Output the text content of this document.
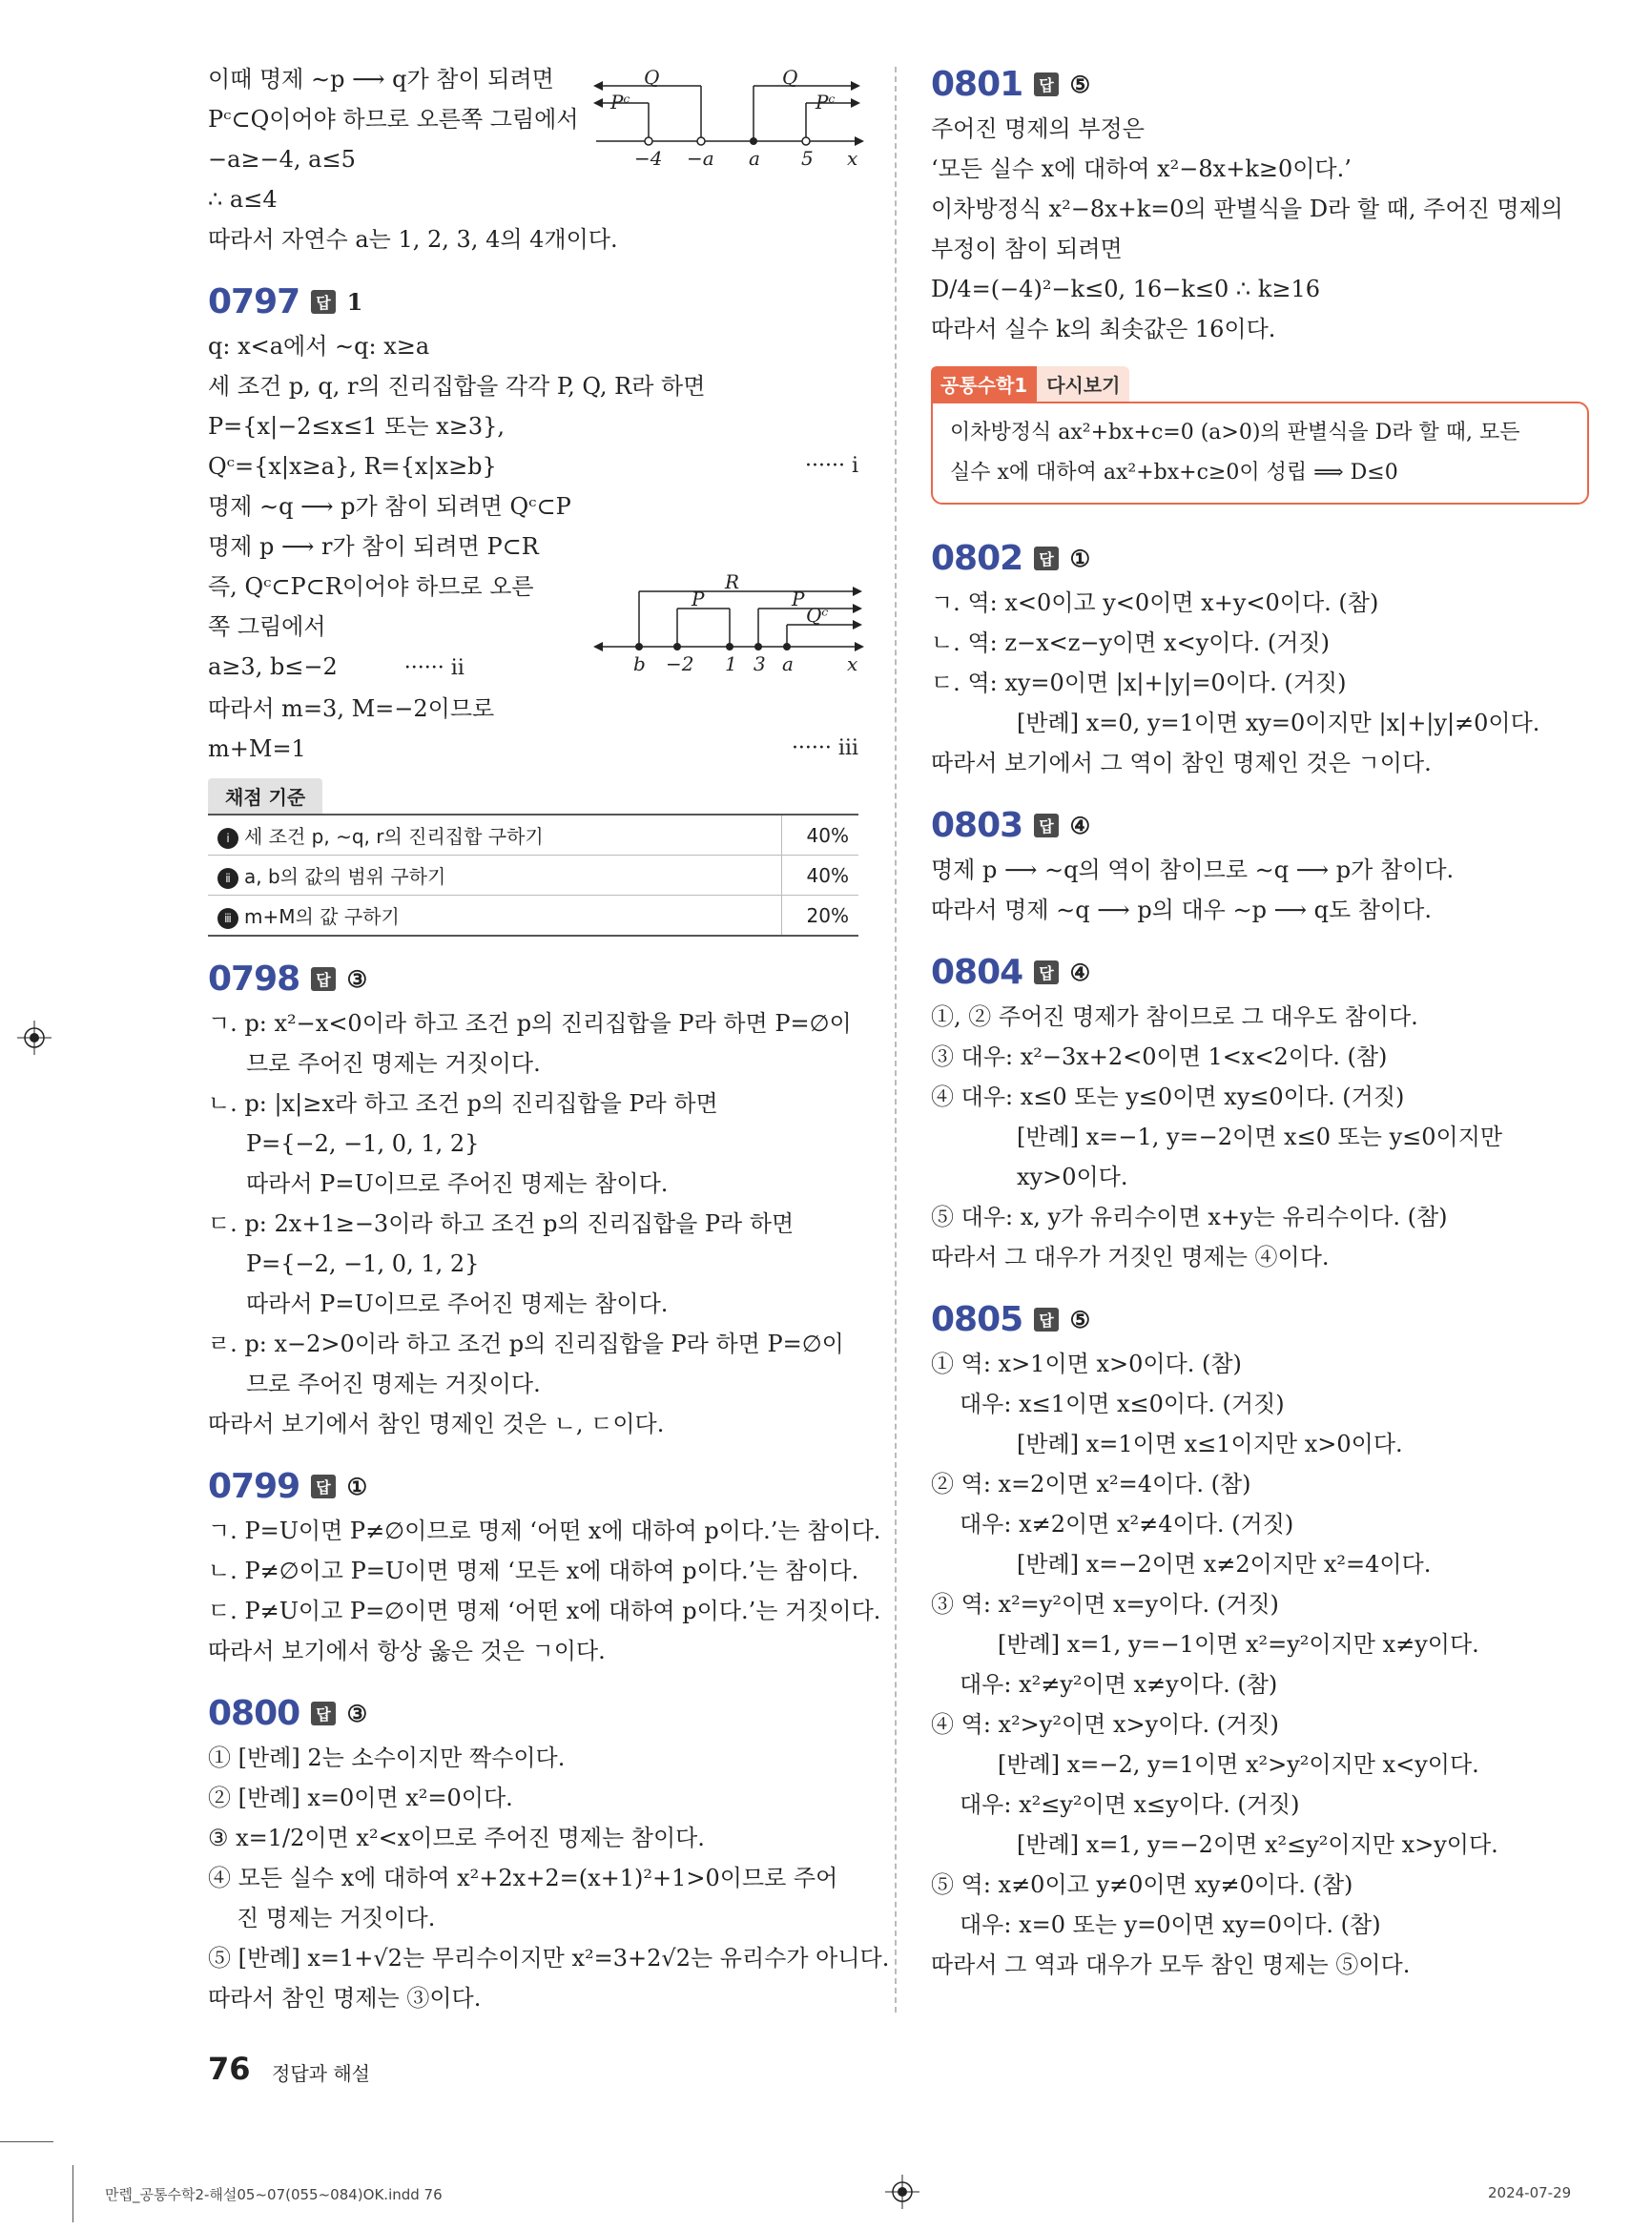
이때 명제 ∼p ⟶ q가 참이 되려면
Pᶜ⊂Q이어야 하므로 오른쪽 그림에서
−a≥−4, a≤5
∴ a≤4
따라서 자연수 a는 1, 2, 3, 4의 4개이다.
0797	답 1
q: x<a에서 ∼q: x≥a
세 조건 p, q, r의 진리집합을 각각 P, Q, R라 하면
P={x|−2≤x≤1 또는 x≥3},
Qᶜ={x|x≥a}, R={x|x≥b}	······ ⅰ
명제 ∼q ⟶ p가 참이 되려면 Qᶜ⊂P
명제 p ⟶ r가 참이 되려면 P⊂R
즉, Qᶜ⊂P⊂R이어야 하므로 오른
쪽 그림에서
a≥3, b≤−2	······ ⅱ
따라서 m=3, M=−2이므로
m+M=1	······ ⅲ
채점 기준
ⅰ 세 조건 p, ∼q, r의 진리집합 구하기	40%
ⅱ a, b의 값의 범위 구하기	40%
ⅲ m+M의 값 구하기	20%
0798	답 ③
ㄱ. p: x²−x<0이라 하고 조건 p의 진리집합을 P라 하면 P=∅이
므로 주어진 명제는 거짓이다.
ㄴ. p: |x|≥x라 하고 조건 p의 진리집합을 P라 하면
P={−2, −1, 0, 1, 2}
따라서 P=U이므로 주어진 명제는 참이다.
ㄷ. p: 2x+1≥−3이라 하고 조건 p의 진리집합을 P라 하면
P={−2, −1, 0, 1, 2}
따라서 P=U이므로 주어진 명제는 참이다.
ㄹ. p: x−2>0이라 하고 조건 p의 진리집합을 P라 하면 P=∅이
므로 주어진 명제는 거짓이다.
따라서 보기에서 참인 명제인 것은 ㄴ, ㄷ이다.
0799	답 ①
ㄱ. P=U이면 P≠∅이므로 명제 ‘어떤 x에 대하여 p이다.’는 참이다.
ㄴ. P≠∅이고 P=U이면 명제 ‘모든 x에 대하여 p이다.’는 참이다.
ㄷ. P≠U이고 P=∅이면 명제 ‘어떤 x에 대하여 p이다.’는 거짓이다.
따라서 보기에서 항상 옳은 것은 ㄱ이다.
0800	답 ③
① [반례] 2는 소수이지만 짝수이다.
② [반례] x=0이면 x²=0이다.
③ x=1/2이면 x²<x이므로 주어진 명제는 참이다.
④ 모든 실수 x에 대하여 x²+2x+2=(x+1)²+1>0이므로 주어
진 명제는 거짓이다.
⑤ [반례] x=1+√2는 무리수이지만 x²=3+2√2는 유리수가 아니다.
따라서 참인 명제는 ③이다.
Q	Q
Pᶜ	Pᶜ
−4 −a a 5 x
R
P	P
Qᶜ
b −2 1 3 a	x
0801	답 ⑤
주어진 명제의 부정은
‘모든 실수 x에 대하여 x²−8x+k≥0이다.’
이차방정식 x²−8x+k=0의 판별식을 D라 할 때, 주어진 명제의
부정이 참이 되려면
D/4=(−4)²−k≤0, 16−k≤0 ∴ k≥16
따라서 실수 k의 최솟값은 16이다.
공통수학1	다시보기
이차방정식 ax²+bx+c=0 (a>0)의 판별식을 D라 할 때, 모든
실수 x에 대하여 ax²+bx+c≥0이 성립 ⟹ D≤0
0802	답 ①
ㄱ. 역: x<0이고 y<0이면 x+y<0이다. (참)
ㄴ. 역: z−x<z−y이면 x<y이다. (거짓)
ㄷ. 역: xy=0이면 |x|+|y|=0이다. (거짓)
[반례] x=0, y=1이면 xy=0이지만 |x|+|y|≠0이다.
따라서 보기에서 그 역이 참인 명제인 것은 ㄱ이다.
0803	답 ④
명제 p ⟶ ∼q의 역이 참이므로 ∼q ⟶ p가 참이다.
따라서 명제 ∼q ⟶ p의 대우 ∼p ⟶ q도 참이다.
0804	답 ④
①, ② 주어진 명제가 참이므로 그 대우도 참이다.
③ 대우: x²−3x+2<0이면 1<x<2이다. (참)
④ 대우: x≤0 또는 y≤0이면 xy≤0이다. (거짓)
[반례] x=−1, y=−2이면 x≤0 또는 y≤0이지만
xy>0이다.
⑤ 대우: x, y가 유리수이면 x+y는 유리수이다. (참)
따라서 그 대우가 거짓인 명제는 ④이다.
0805	답 ⑤
① 역: x>1이면 x>0이다. (참)
대우: x≤1이면 x≤0이다. (거짓)
[반례] x=1이면 x≤1이지만 x>0이다.
② 역: x=2이면 x²=4이다. (참)
대우: x≠2이면 x²≠4이다. (거짓)
[반례] x=−2이면 x≠2이지만 x²=4이다.
③ 역: x²=y²이면 x=y이다. (거짓)
[반례] x=1, y=−1이면 x²=y²이지만 x≠y이다.
대우: x²≠y²이면 x≠y이다. (참)
④ 역: x²>y²이면 x>y이다. (거짓)
[반례] x=−2, y=1이면 x²>y²이지만 x<y이다.
대우: x²≤y²이면 x≤y이다. (거짓)
[반례] x=1, y=−2이면 x²≤y²이지만 x>y이다.
⑤ 역: x≠0이고 y≠0이면 xy≠0이다. (참)
대우: x=0 또는 y=0이면 xy=0이다. (참)
따라서 그 역과 대우가 모두 참인 명제는 ⑤이다.
76 정답과 해설
만렙_공통수학2-해설05~07(055~084)OK.indd 76	2024-07-29
